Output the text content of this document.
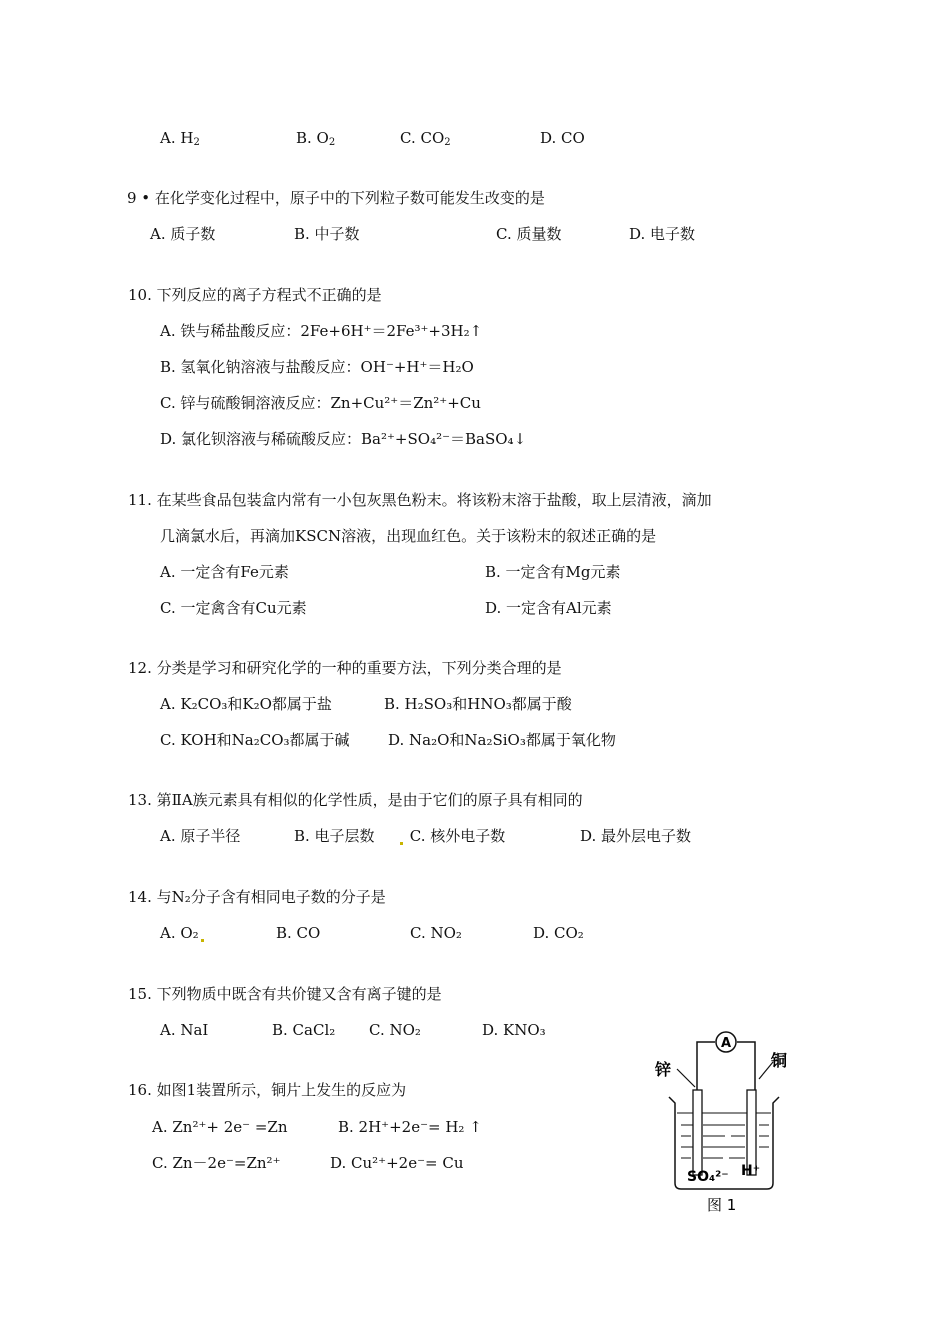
A. $H_2$	B. $O_2$	C. $CO_2$	D. CO
9 • 在化学变化过程中，原子中的下列粒子数可能发生改变的是
A. 质子数	B. 中子数	C. 质量数	D. 电子数
10. 下列反应的离子方程式不正确的是
A. 铁与稀盐酸反应：2Fe+6H⁺＝2Fe³⁺+3H₂↑
B. 氢氧化钠溶液与盐酸反应：OH⁻+H⁺＝H₂O
C. 锌与硫酸铜溶液反应：Zn+Cu²⁺＝Zn²⁺+Cu
D. 氯化钡溶液与稀硫酸反应：Ba²⁺+SO₄²⁻＝BaSO₄↓
11. 在某些食品包装盒内常有一小包灰黑色粉末。将该粉末溶于盐酸，取上层清液，滴加
几滴氯水后，再滴加KSCN溶液，出现血红色。关于该粉末的叙述正确的是
A. 一定含有Fe元素	B. 一定含有Mg元素
C. 一定禽含有Cu元素	D. 一定含有Al元素
12. 分类是学习和研究化学的一种的重要方法，下列分类合理的是
A. K₂CO₃和K₂O都属于盐	B. H₂SO₃和HNO₃都属于酸
C. KOH和Na₂CO₃都属于碱	D. Na₂O和Na₂SiO₃都属于氧化物
13. 第ⅡA族元素具有相似的化学性质，是由于它们的原子具有相同的
A. 原子半径	B. 电子层数	C. 核外电子数	D. 最外层电子数
14. 与N₂分子含有相同电子数的分子是
A. O₂	B. CO	C. NO₂	D. CO₂
15. 下列物质中既含有共价键又含有离子键的是
A. NaI	B. CaCl₂ C. NO₂	D. KNO₃
16. 如图1装置所示，铜片上发生的反应为
A. Zn²⁺+ 2e⁻ =Zn	B. 2H⁺+2e⁻= H₂ ↑
C. Zn－2e⁻=Zn²⁺	D. Cu²⁺+2e⁻= Cu
A
锌	铜
SO₄²⁻ H⁺
图 1
